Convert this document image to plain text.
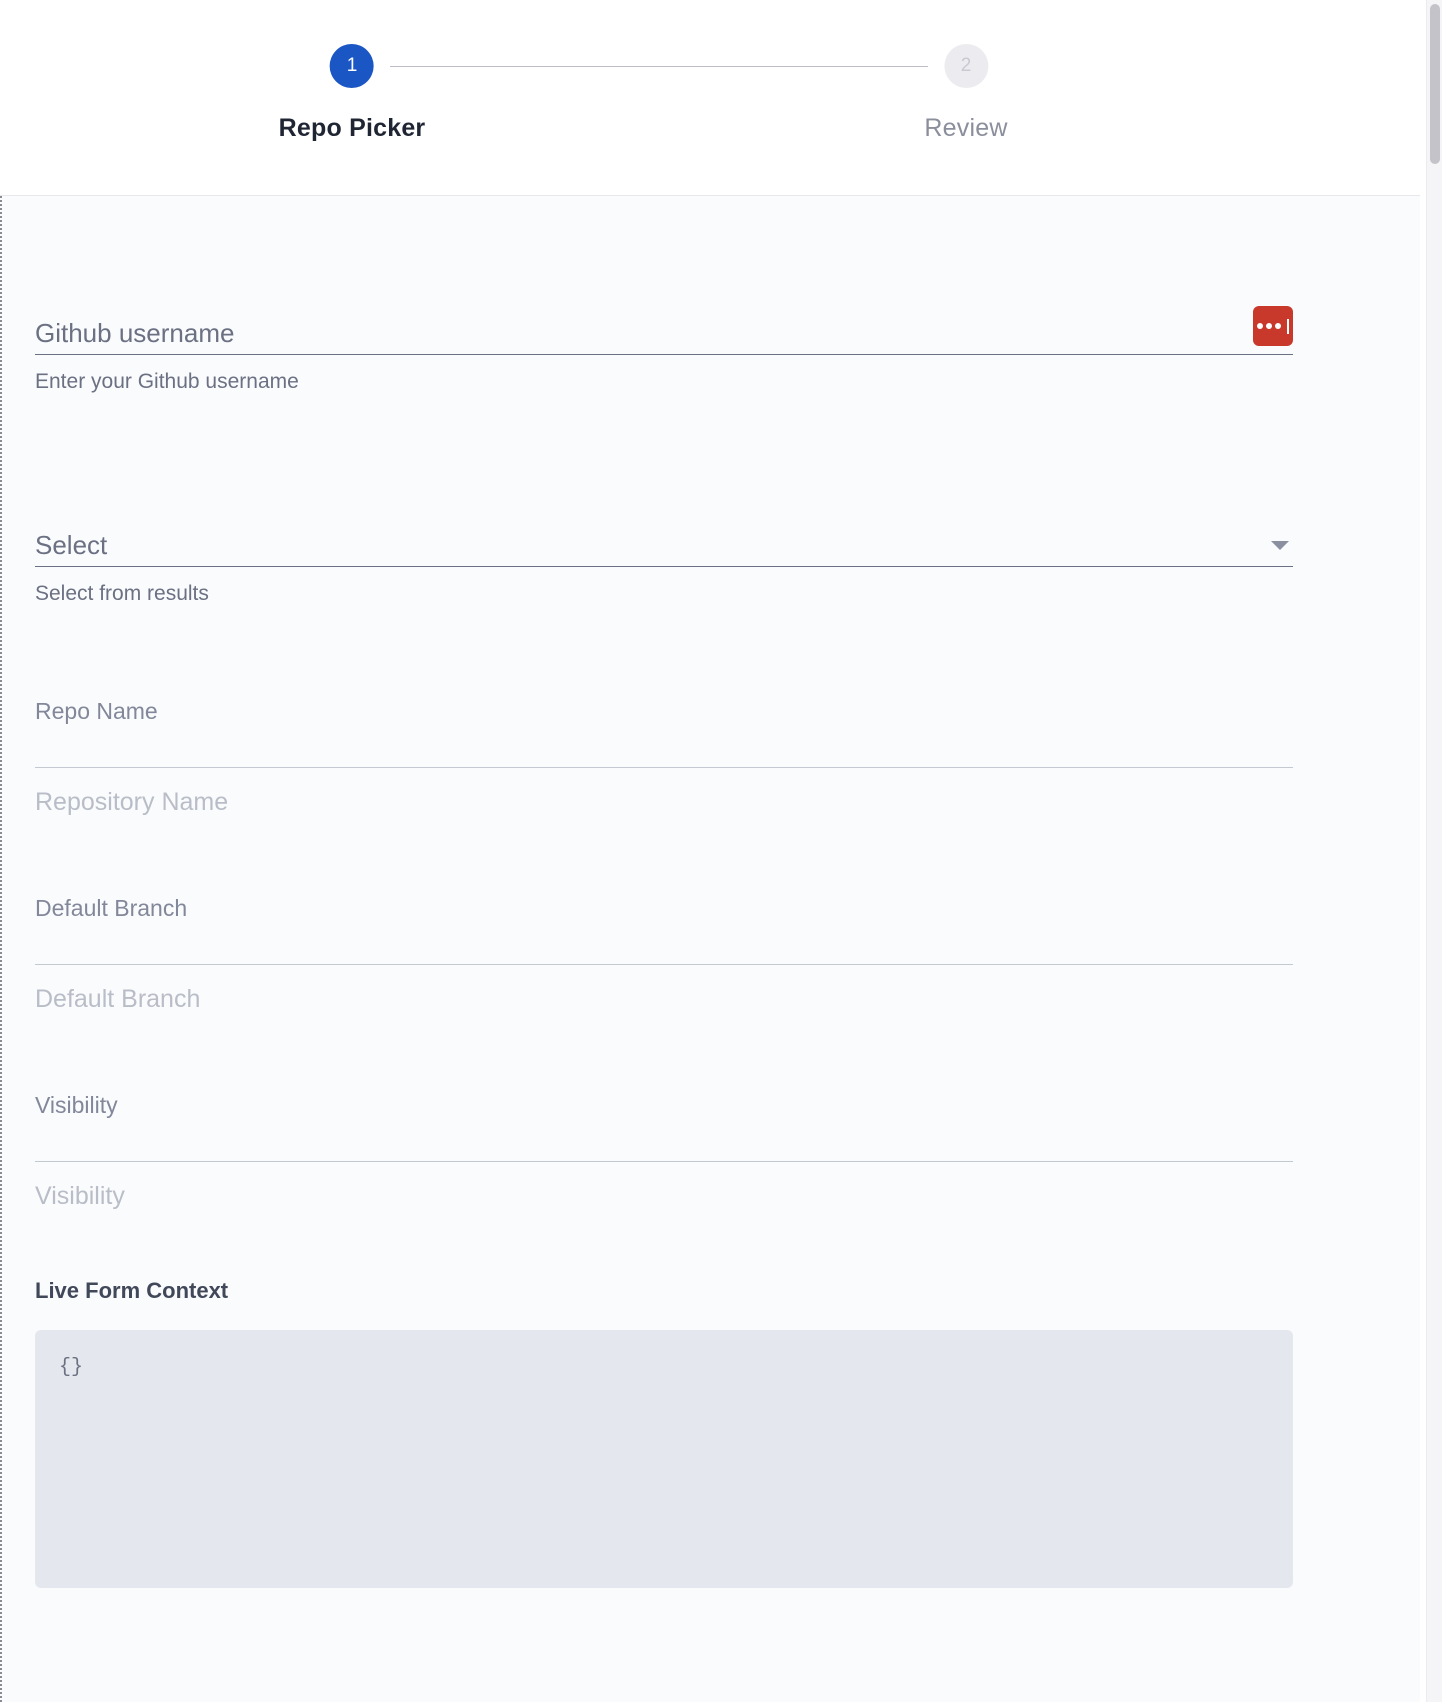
1
Repo Picker
2
Review
Github username
Enter your Github username
Select
Select from results
Repo Name
Repository Name
Default Branch
Default Branch
Visibility
Visibility
Live Form Context
{}
